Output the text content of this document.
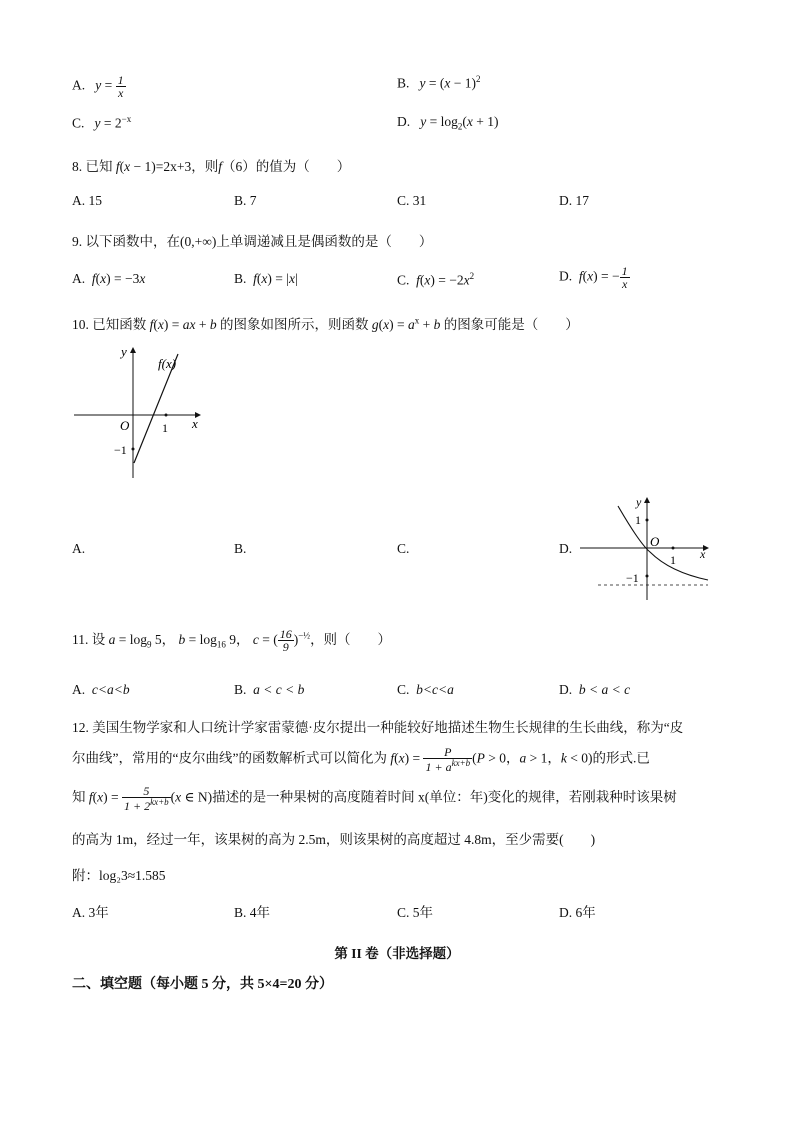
A. $y = \frac{1}{x}$	B. $y = (x - 1)^2$
C. $y = 2^{-x}$	D. $y = \log_2(x + 1)$
8. 已知 f(x − 1)=2x+3，则f（6）的值为（　　）
A. 15	B. 7	C. 31	D. 17
9. 以下函数中，在(0,+∞)上单调递减且是偶函数的是（　　）
A. f(x) = −3x	B. f(x) = |x|	C. $f(x) = -2x^2$	D. f(x) = − $\frac{1}{x}$
10. 已知函数 f(x) = ax + b 的图象如图所示，则函数 $g(x) = a^x + b$ 的图象可能是（　　）
y
x
O	1
−1
f(x)
A.	B.	C.	D.
y
x
O
1
1
−1
11. 设 $a = \log_9 5$， $b = \log_{16} 9$， c = ( $\frac{16}{9} )^{-\frac{1}{2}}$，则（　　）
A. c<a<b	B. a < c < b	C. b<c<a	D. b < a < c
12. 美国生物学家和人口统计学家雷蒙德·皮尔提出一种能较好地描述生物生长规律的生长曲线，称为“皮
尔曲线”，常用的“皮尔曲线”的函数解析式可以简化为 $f(x) = \frac{P}{1 + a^{kx+b}} (P > 0$，a > 1，k < 0)的形式.已
知 $f(x) = \frac{5}{1 + 2^{kx+b}} (x$ ∈ N)描述的是一种果树的高度随着时间 x(单位：年)变化的规律，若刚栽种时该果树
的高为 1m，经过一年，该果树的高为 2.5m，则该果树的高度超过 4.8m，至少需要(　　)
附：log₂3≈1.585
A. 3年	B. 4年	C. 5年	D. 6年
第 II 卷（非选择题）
二、填空题（每小题 5 分，共 5×4=20 分）
